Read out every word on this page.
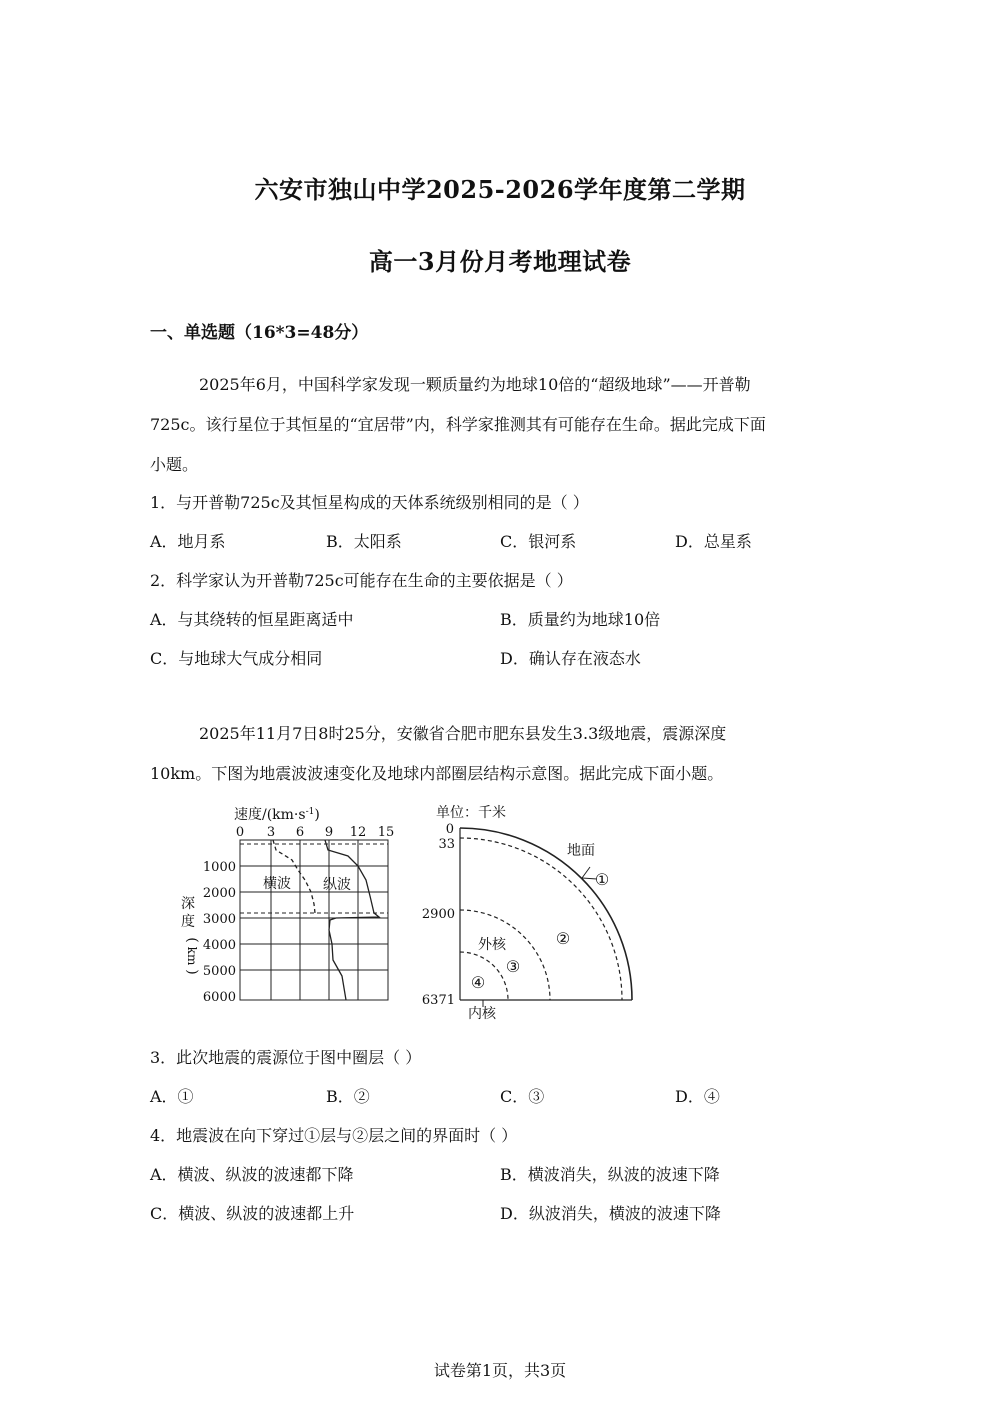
六安市独山中学2025-2026学年度第二学期
高一3月份月考地理试卷
一、单选题（16*3=48分）
2025年6月，中国科学家发现一颗质量约为地球10倍的“超级地球”——开普勒
725c。该行星位于其恒星的“宜居带”内，科学家推测其有可能存在生命。据此完成下面
小题。
1．与开普勒725c及其恒星构成的天体系统级别相同的是（ ）
A．地月系	B．太阳系	C．银河系	D．总星系
2．科学家认为开普勒725c可能存在生命的主要依据是（ ）
A．与其绕转的恒星距离适中	B．质量约为地球10倍
C．与地球大气成分相同	D．确认存在液态水
2025年11月7日8时25分，安徽省合肥市肥东县发生3.3级地震，震源深度
10km。下图为地震波波速变化及地球内部圈层结构示意图。据此完成下面小题。
速度$/(km\cdot s^{-1})$
0 3 6 9 12 15
1000
2000
3000
4000
5000
6000
深
度
(
km
)
横波 纵波
单位：千米
0
33
2900
6371
地面
①
②
外核
③
④
内核
3．此次地震的震源位于图中圈层（ ）
A．①	B．②	C．③	D．④
4．地震波在向下穿过①层与②层之间的界面时（ ）
A．横波、纵波的波速都下降	B．横波消失，纵波的波速下降
C．横波、纵波的波速都上升	D．纵波消失，横波的波速下降
试卷第1页，共3页
